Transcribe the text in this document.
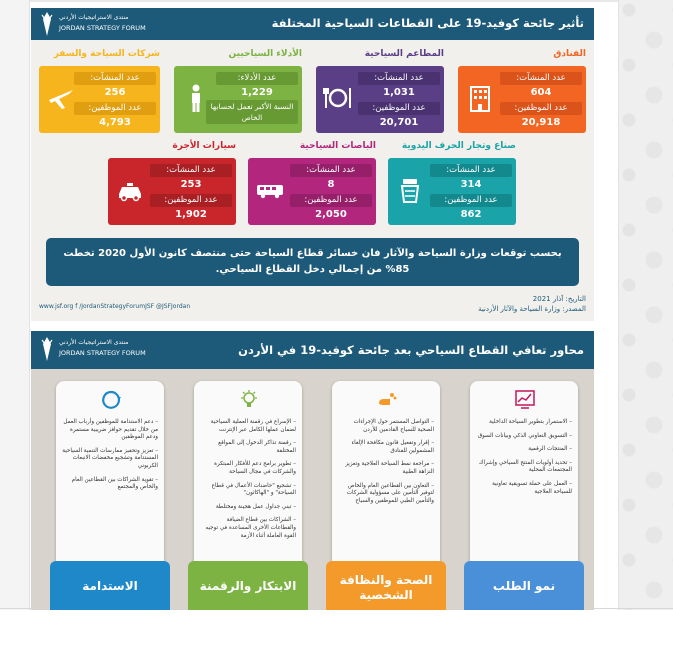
تأثير جائحة كوفيد-19 على القطاعات السياحية المختلفة
منتدى الاستراتيجيات الأردني
JORDAN STRATEGY FORUM
الفنادق
عدد المنشآت:
604
عدد الموظفين:
20,918
المطاعم السياحية
عدد المنشآت:
1,031
عدد الموظفين:
20,701
الأدلاء السياحيين
عدد الأدلاء:
1,229
النسبة الأكبر تعمل لحسابها الخاص
شركات السياحة والسفر
عدد المنشآت:
256
عدد الموظفين:
4,793
صناع وتجار الحرف اليدوية
عدد المنشآت:
314
عدد الموظفين:
862
الباصات السياحية
عدد المنشآت:
8
عدد الموظفين:
2,050
سيارات الأجرة
عدد المنشآت:
253
عدد الموظفين:
1,902
بحسب توقعات وزارة السياحة والآثار فان خسائر قطاع السياحة حتى منتصف كانون الأول 2020 تخطت 85% من إجمالي دخل القطاع السياحي.
التاريخ: آذار 2021
المصدر: وزارة السياحة والآثار الأردنية
www.jsf.org f /JordanStrategyForumJSF @JSFJordan
محاور تعافي القطاع السياحي بعد جائحة كوفيد-19 في الأردن
منتدى الاستراتيجيات الأردني
JORDAN STRATEGY FORUM
– الاستمرار بتطوير السياحة الداخلية
– التسويق التعاوني الذكي وبيانات السوق
– المنتجات الرقمية
– تحديد أولويات المنتج السياحي وإشراك المجتمعات المحلية
– العمل على حملة تسويقية تعاونية للسياحة العلاجية
نمو الطلب
– التواصل المستمر حول الإجراءات الصحية للسياح القادمين للأردن
– إقرار وتفعيل قانون مكافحة الإلغاء المشمولين للفنادق
– مراجعة نمط السياحة العلاجية وتعزيز النزاهة الطبية
– التعاون بين القطاعين العام والخاص لتوفير التأمين على مسؤولية الشركات والتأمين الطبي للموظفين والسياح
الصحة والنظافة الشخصية
– الإسراع في رقمنة العملية السياحية لضمان عملها الكامل عبر الإنترنت
– رقمنة تذاكر الدخول إلى المواقع المختلفة
– تطوير برامج دعم للأفكار المبتكرة والشركات في مجال السياحة
– تشجيع "حاضنات الأعمال في قطاع السياحة" و "الهاكاثون"
– تبني جداول عمل هجينة ومختلطة
– الشراكات بين قطاع الضيافة والقطاعات الأخرى المساعدة في توجيه القوة العاملة أثناء الأزمة
الابتكار والرقمنة
– دعم الاستدامة للموظفين وأرباب العمل من خلال تقديم حوافز ضريبية مستمرة ودعم الموظفين
– تعزيز وتحفيز ممارسات التنمية السياحية المستدامة وتشجيع مخفضات الانبعاث الكربوني
– تقوية الشراكات بين القطاعين العام والخاص والمجتمع
الاستدامة
